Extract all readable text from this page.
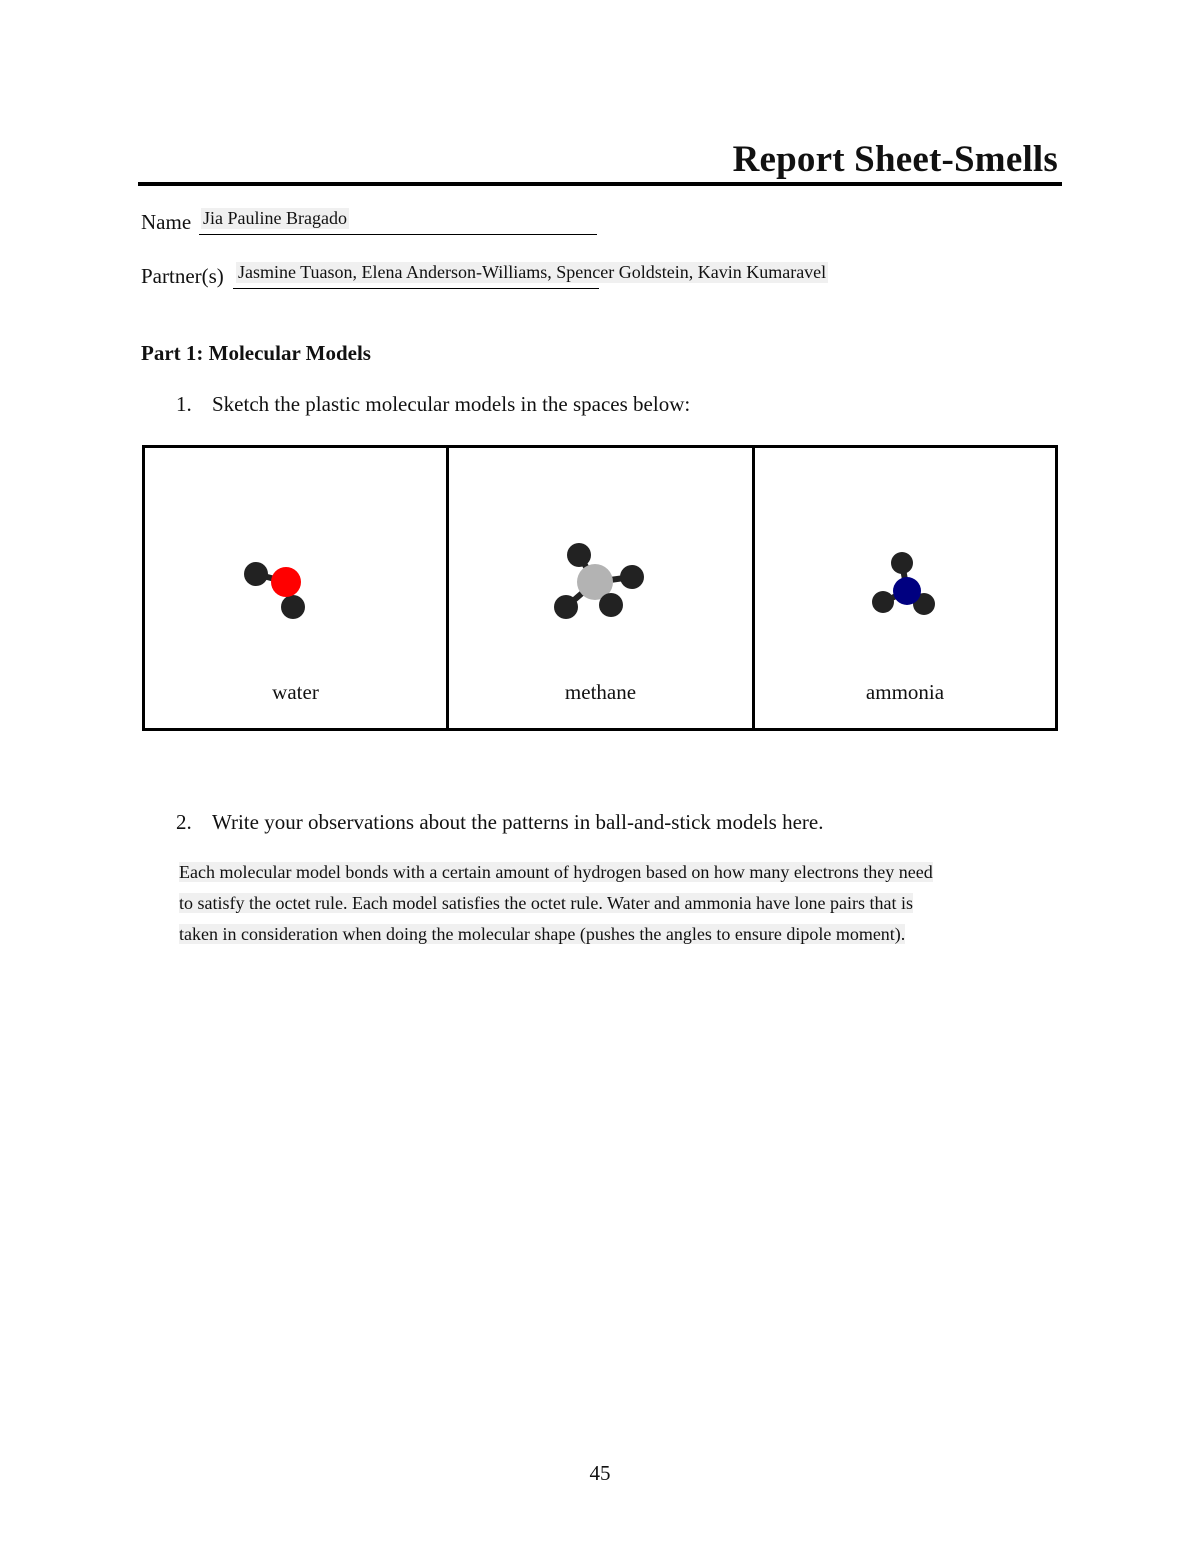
Report Sheet-Smells
Name Jia Pauline Bragado
Partner(s) Jasmine Tuason, Elena Anderson-Williams, Spencer Goldstein, Kavin Kumaravel
Part 1: Molecular Models
1. Sketch the plastic molecular models in the spaces below:
water	methane	ammonia
2. Write your observations about the patterns in ball-and-stick models here.
Each molecular model bonds with a certain amount of hydrogen based on how many electrons they need
to satisfy the octet rule. Each model satisfies the octet rule. Water and ammonia have lone pairs that is
taken in consideration when doing the molecular shape (pushes the angles to ensure dipole moment).
45
